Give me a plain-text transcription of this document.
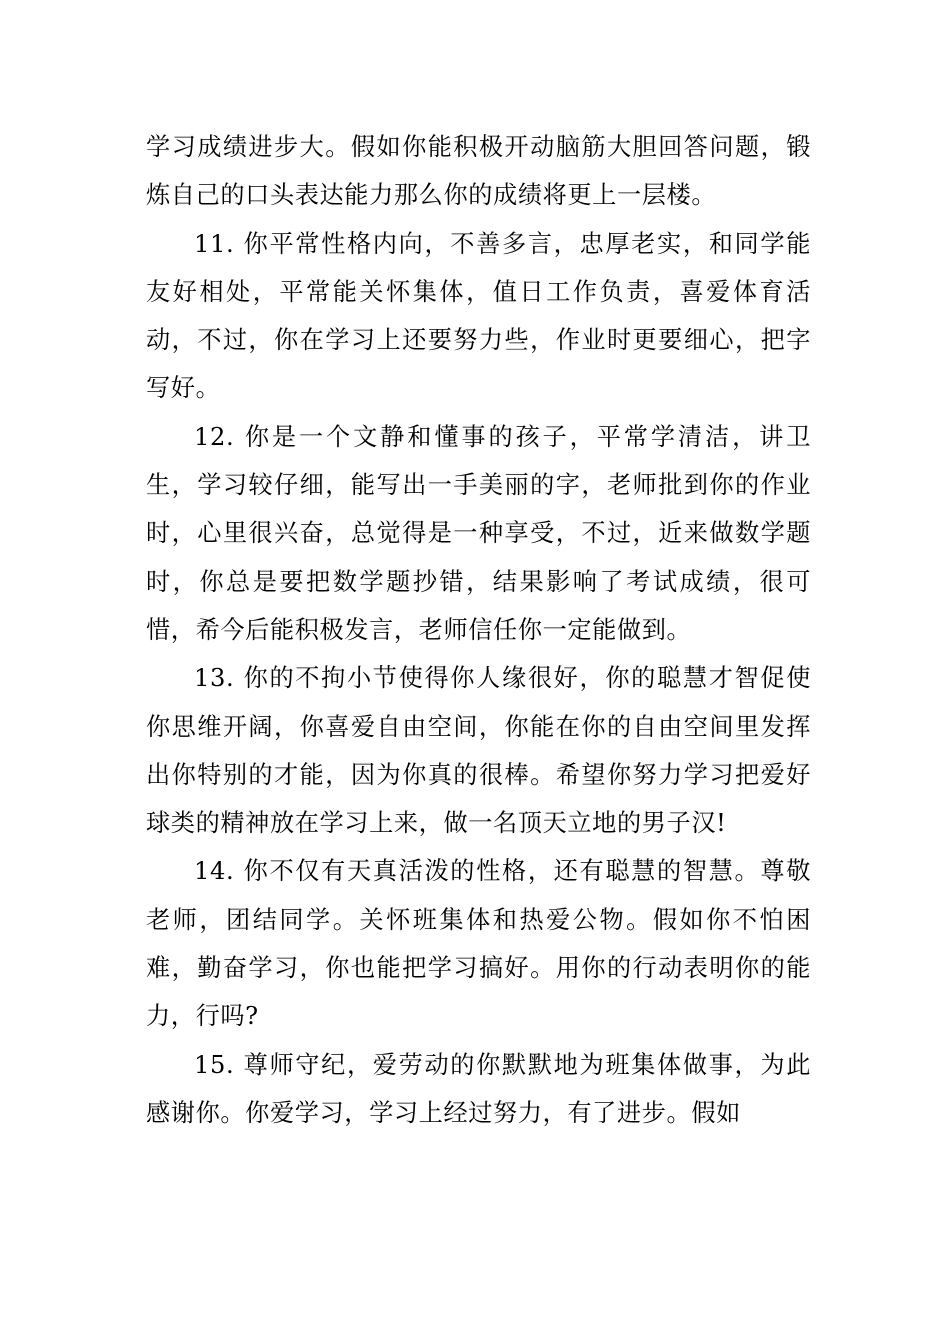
学习成绩进步大。假如你能积极开动脑筋大胆回答问题，锻炼自己的口头表达能力那么你的成绩将更上一层楼。

11. 你平常性格内向，不善多言，忠厚老实，和同学能友好相处，平常能关怀集体，值日工作负责，喜爱体育活动，不过，你在学习上还要努力些，作业时更要细心，把字写好。

12. 你是一个文静和懂事的孩子，平常学清洁，讲卫生，学习较仔细，能写出一手美丽的字，老师批到你的作业时，心里很兴奋，总觉得是一种享受，不过，近来做数学题时，你总是要把数学题抄错，结果影响了考试成绩，很可惜，希今后能积极发言，老师信任你一定能做到。

13. 你的不拘小节使得你人缘很好，你的聪慧才智促使你思维开阔，你喜爱自由空间，你能在你的自由空间里发挥出你特别的才能，因为你真的很棒。希望你努力学习把爱好球类的精神放在学习上来，做一名顶天立地的男子汉!

14. 你不仅有天真活泼的性格，还有聪慧的智慧。尊敬老师，团结同学。关怀班集体和热爱公物。假如你不怕困难，勤奋学习，你也能把学习搞好。用你的行动表明你的能力，行吗?

15. 尊师守纪，爱劳动的你默默地为班集体做事，为此感谢你。你爱学习，学习上经过努力，有了进步。假如
